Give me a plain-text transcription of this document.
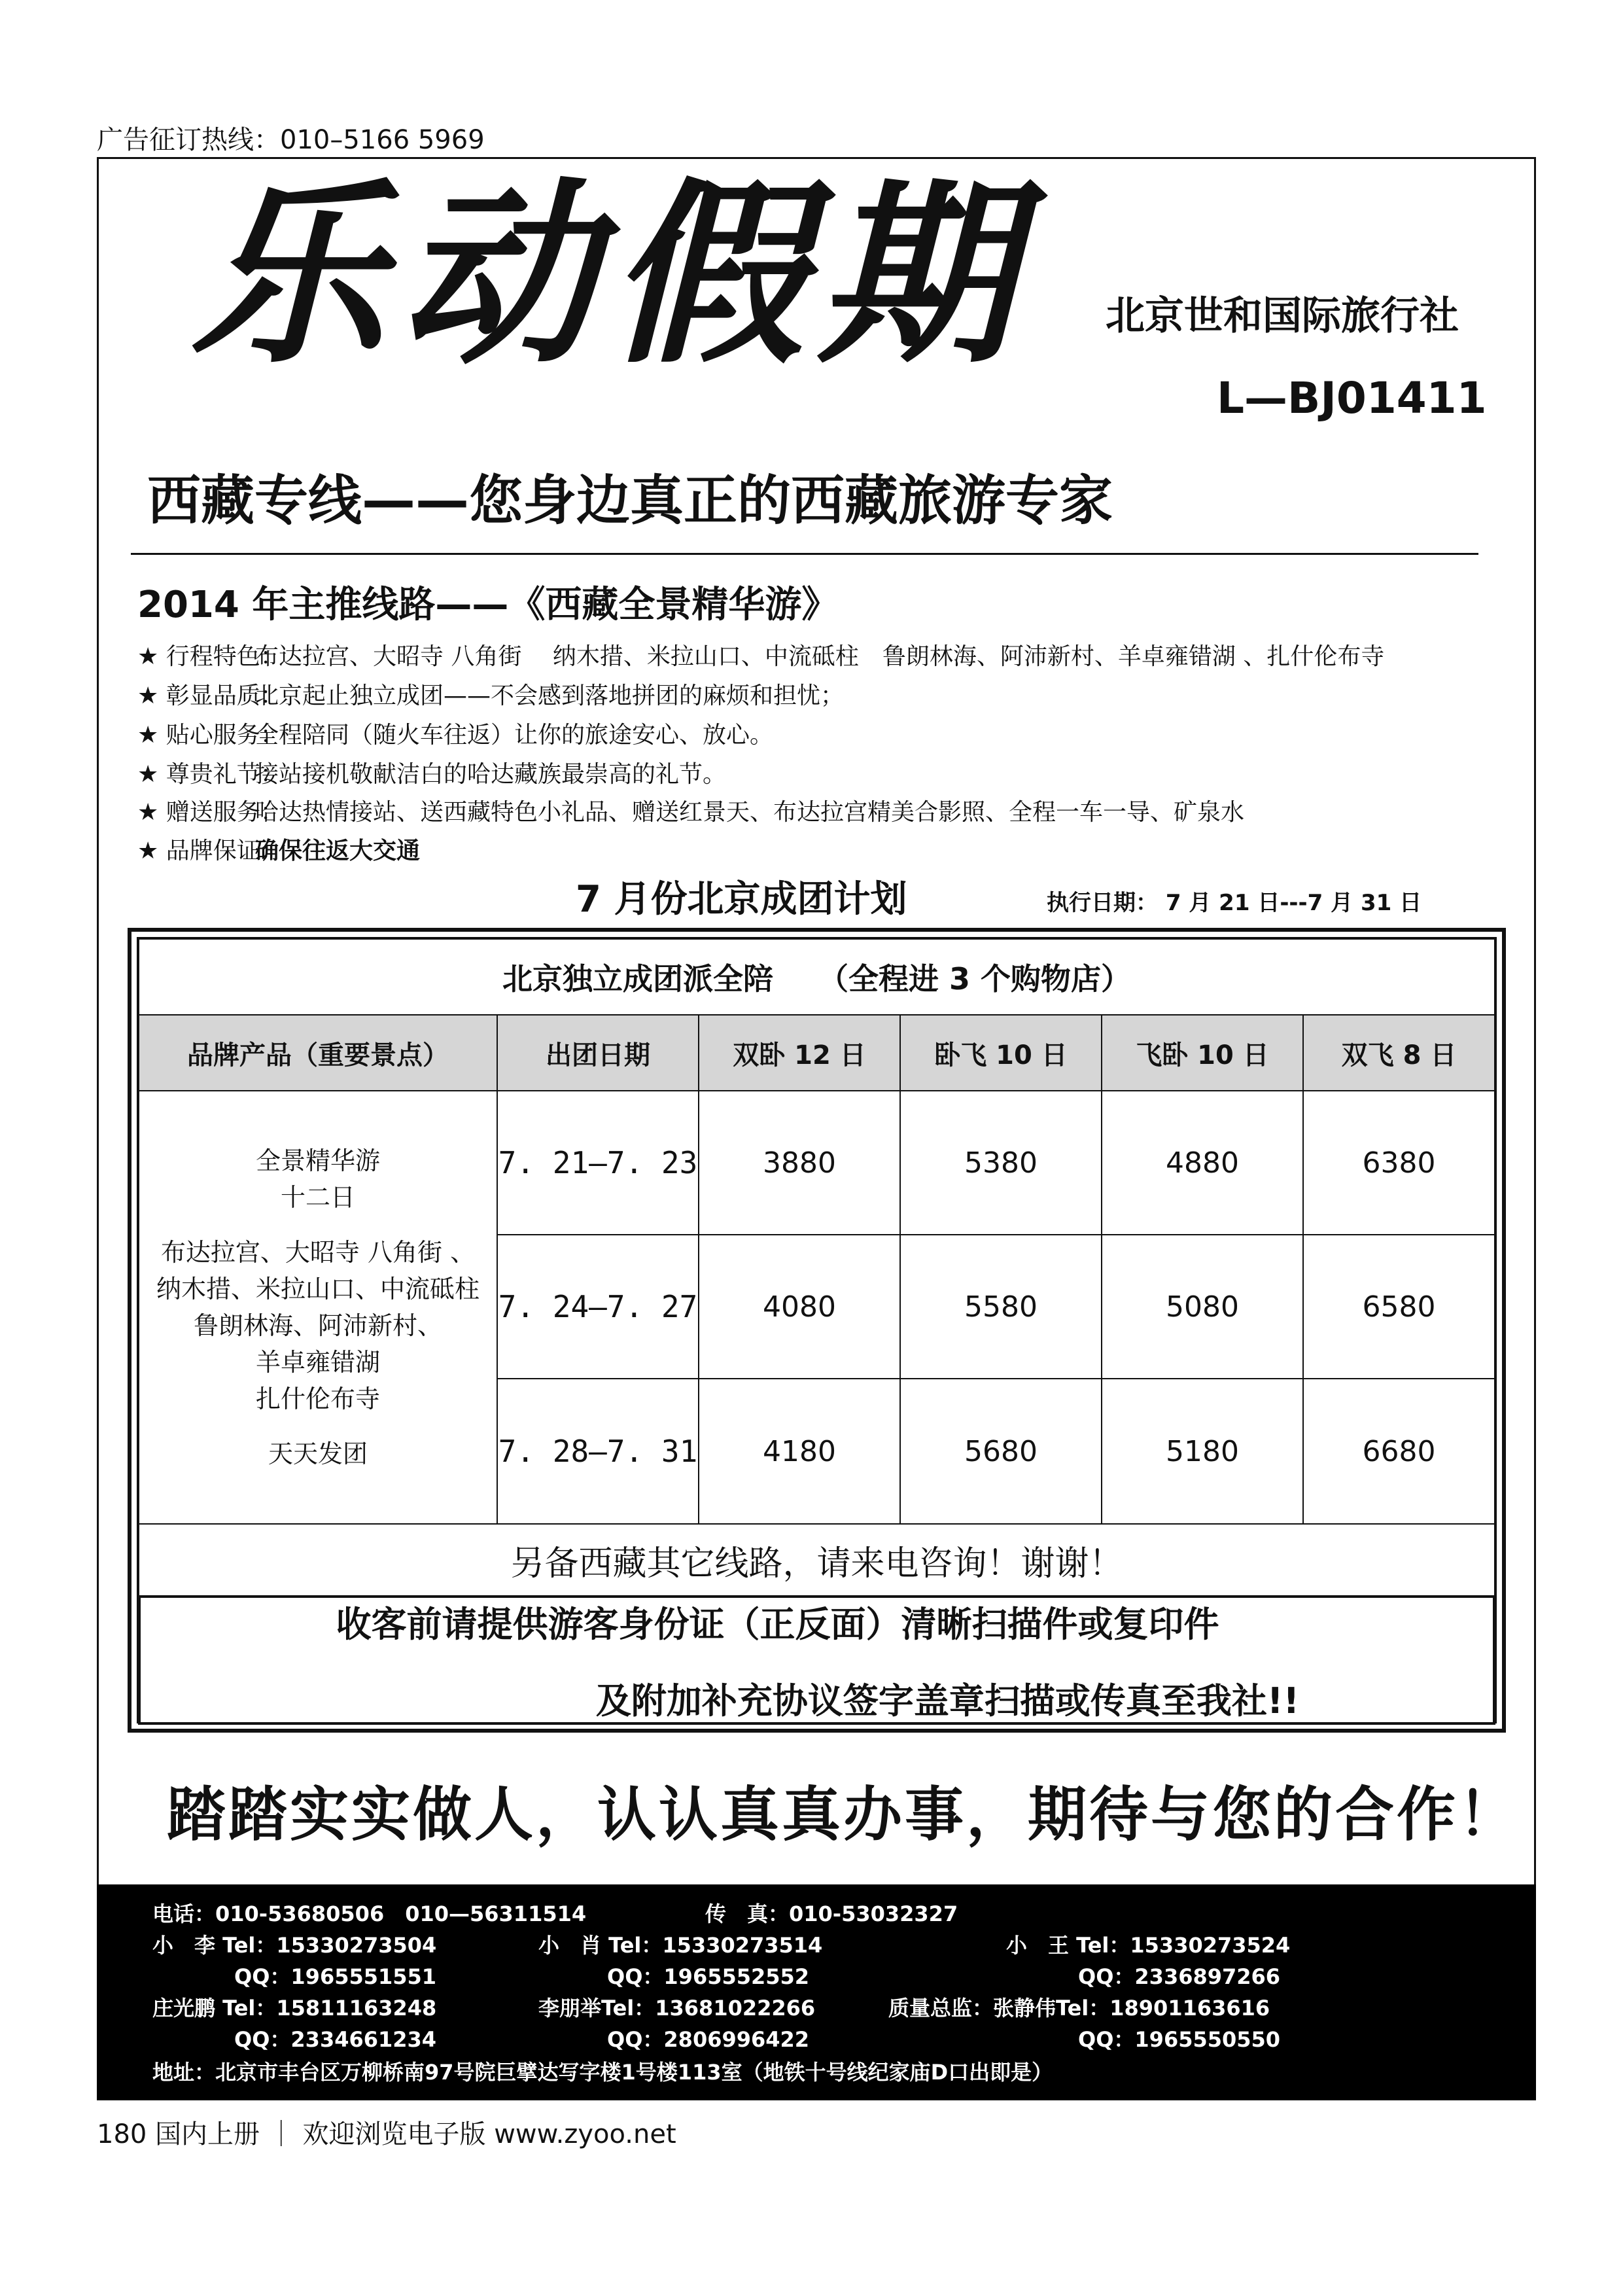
广告征订热线：010–5166 5969
乐动假期 北京世和国际旅行社
L—BJ01411
西藏专线——您身边真正的西藏旅游专家
2014 年主推线路——《西藏全景精华游》
★ 行程特色：布达拉宫、大昭寺 八角街　 纳木措、米拉山口、中流砥柱　鲁朗林海、阿沛新村、羊卓雍错湖 、扎什伦布寺
★ 彰显品质：北京起止独立成团——不会感到落地拼团的麻烦和担忧；
★ 贴心服务：全程陪同（随火车往返）让你的旅途安心、放心。
★ 尊贵礼节：接站接机敬献洁白的哈达藏族最崇高的礼节。
★ 赠送服务：哈达热情接站、送西藏特色小礼品、赠送红景天、布达拉宫精美合影照、全程一车一导、矿泉水
★ 品牌保证：确保往返大交通
7 月份北京成团计划	执行日期： 7 月 21 日---7 月 31 日
北京独立成团派全陪　　（全程进 3 个购物店）
品牌产品（重要景点）	出团日期	双卧 12 日	卧飞 10 日	飞卧 10 日	双飞 8 日
全景精华游
十二日
布达拉宫、大昭寺 八角街 、
纳木措、米拉山口、中流砥柱
鲁朗林海、阿沛新村、
羊卓雍错湖
扎什伦布寺
天天发团
7. 21—7. 23	3880	5380	4880	6380
7. 24—7. 27	4080	5580	5080	6580
7. 28—7. 31	4180	5680	5180	6680
另备西藏其它线路，请来电咨询！谢谢！
收客前请提供游客身份证（正反面）清晰扫描件或复印件
及附加补充协议签字盖章扫描或传真至我社!!
踏踏实实做人，认认真真办事，期待与您的合作！
电话：010-53680506　010—56311514	传　真：010-53032327
小　李 Tel：15330273504	小　肖 Tel：15330273514	小　王 Tel：15330273524
QQ：1965551551	QQ：1965552552	QQ：2336897266
庄光鹏 Tel：15811163248	李朋举Tel：13681022266	质量总监：张静伟Tel：18901163616
QQ：2334661234	QQ：2806996422	QQ：1965550550
地址：北京市丰台区万柳桥南97号院巨擘达写字楼1号楼113室（地铁十号线纪家庙D口出即是）
180 国内上册 ｜ 欢迎浏览电子版 www.zyoo.net
